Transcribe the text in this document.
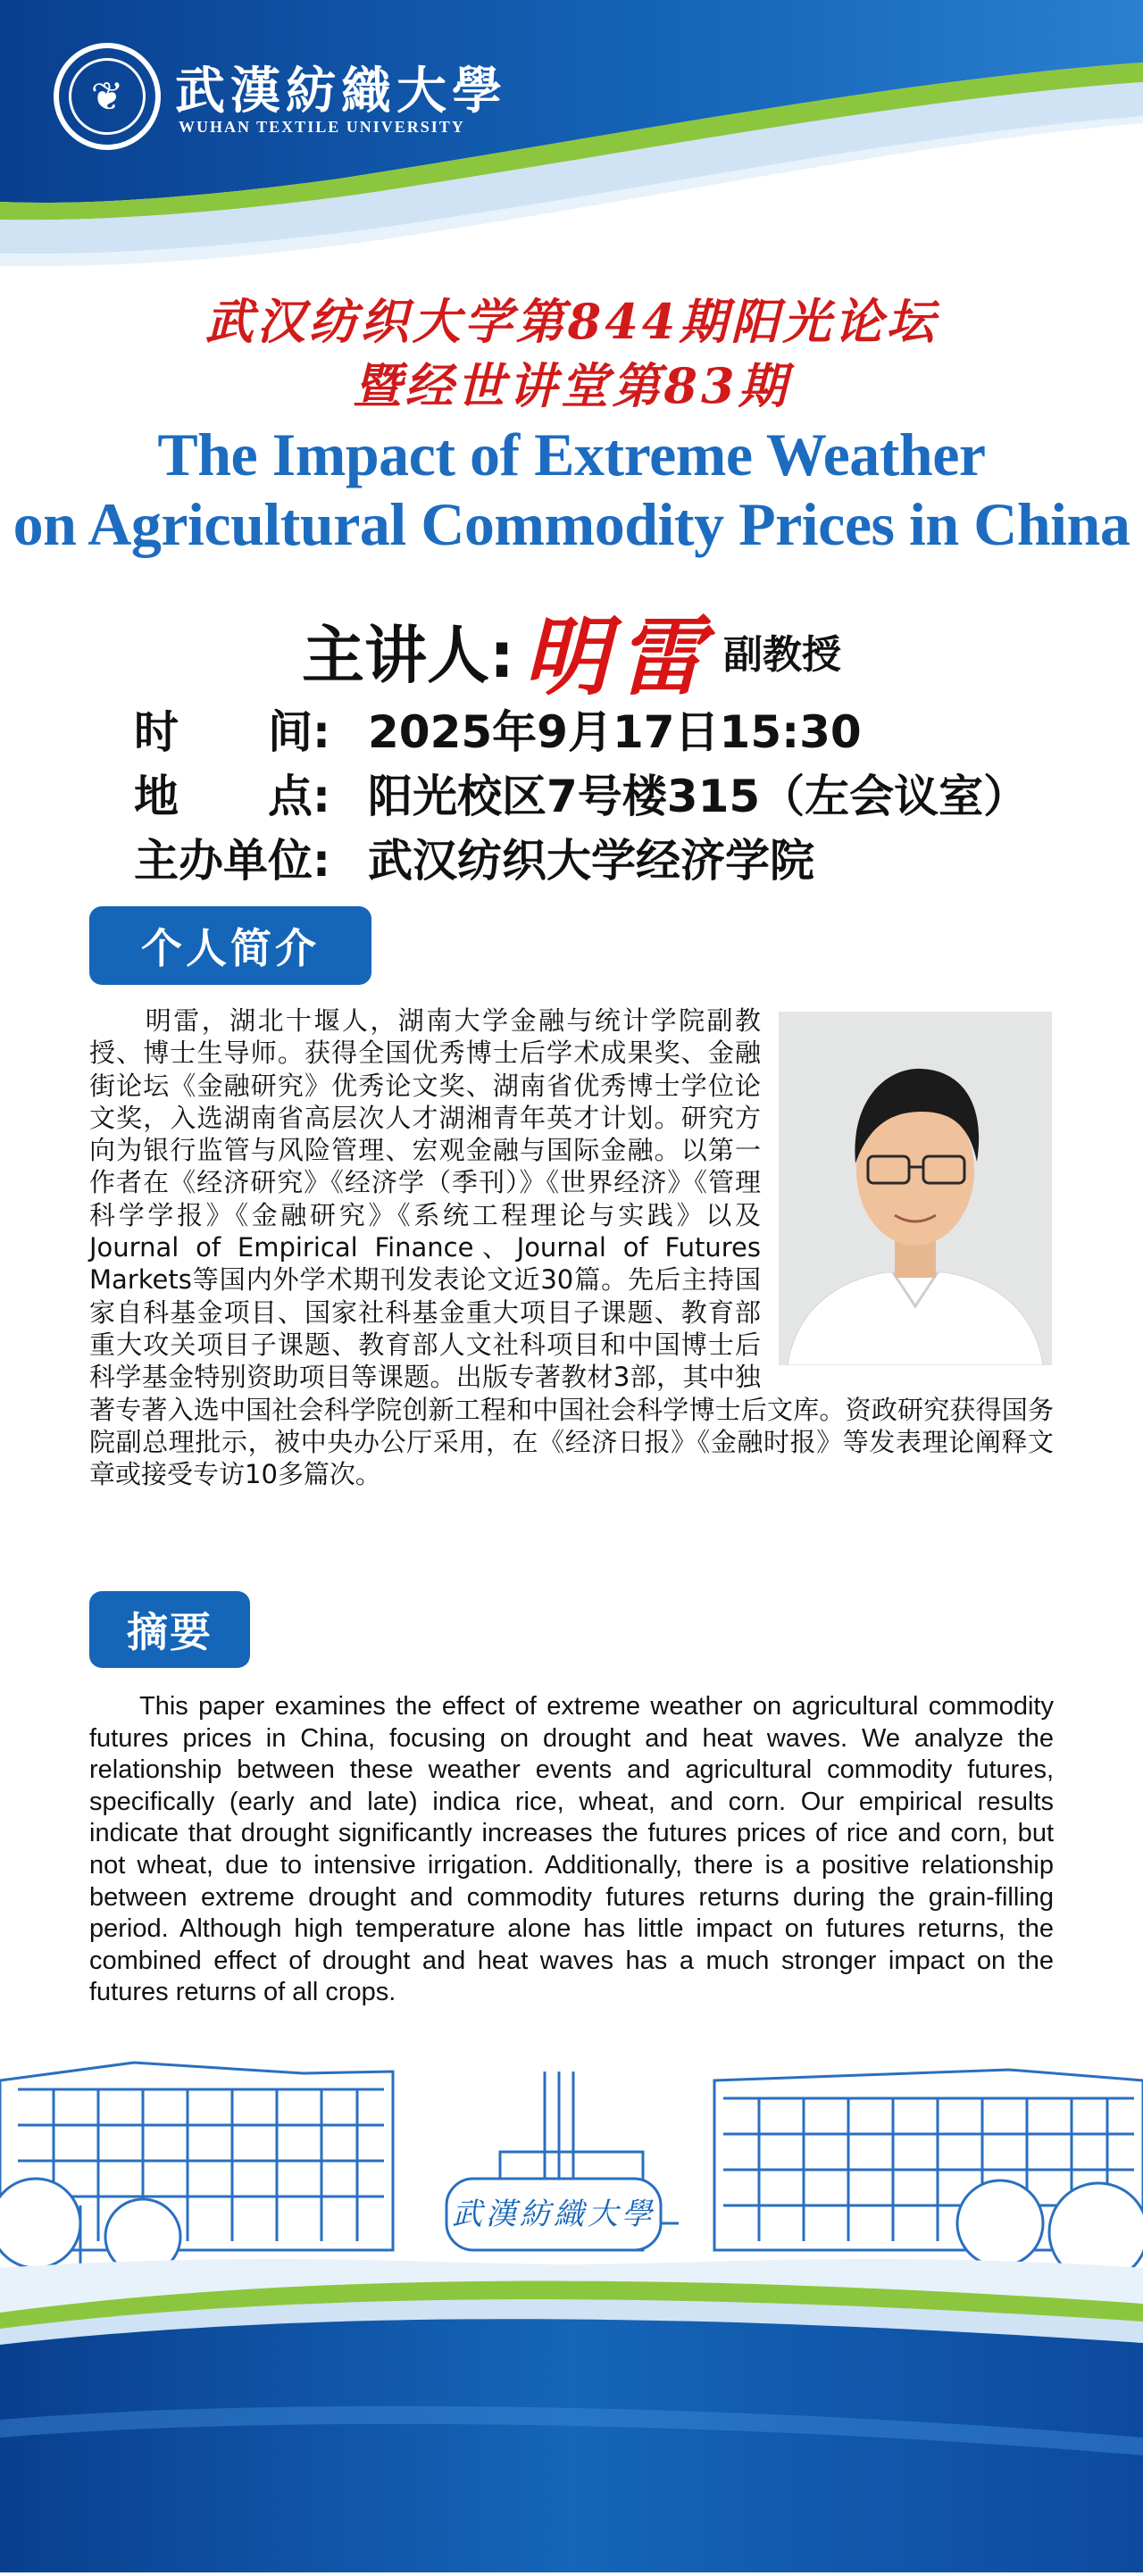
❦	武漢紡織大學
WUHAN TEXTILE UNIVERSITY
武汉纺织大学第844期阳光论坛
暨经世讲堂第83期
The Impact of Extreme Weather
on Agricultural Commodity Prices in China
主讲人: 明雷 副教授
时　　间: 2025年9月17日15:30
地　　点: 阳光校区7号楼315（左会议室）
主办单位: 武汉纺织大学经济学院
个人简介
　　明雷，湖北十堰人，湖南大学金融与统计学院副教授、博士生导师。获得全国优秀博士后学术成果奖、金融街论坛《金融研究》优秀论文奖、湖南省优秀博士学位论文奖，入选湖南省高层次人才湖湘青年英才计划。研究方向为银行监管与风险管理、宏观金融与国际金融。以第一作者在《经济研究》《经济学（季刊）》《世界经济》《管理科学学报》《金融研究》《系统工程理论与实践》以及Journal of Empirical Finance、Journal of Futures Markets等国内外学术期刊发表论文近30篇。先后主持国家自科基金项目、国家社科基金重大项目子课题、教育部重大攻关项目子课题、教育部人文社科项目和中国博士后科学基金特别资助项目等课题。出版专著教材3部，其中独著专著入选中国社会科学院创新工程和中国社会科学博士后文库。资政研究获得国务院副总理批示，被中央办公厅采用，在《经济日报》《金融时报》等发表理论阐释文章或接受专访10多篇次。
摘要
This paper examines the effect of extreme weather on agricultural commodity futures prices in China, focusing on drought and heat waves. We analyze the relationship between these weather events and agricultural commodity futures, specifically (early and late) indica rice, wheat, and corn. Our empirical results indicate that drought significantly increases the futures prices of rice and corn, but not wheat, due to intensive irrigation. Additionally, there is a positive relationship between extreme drought and commodity futures returns during the grain-filling period. Although high temperature alone has little impact on futures returns, the combined effect of drought and heat waves has a much stronger impact on the futures returns of all crops.
武漢紡織大學
